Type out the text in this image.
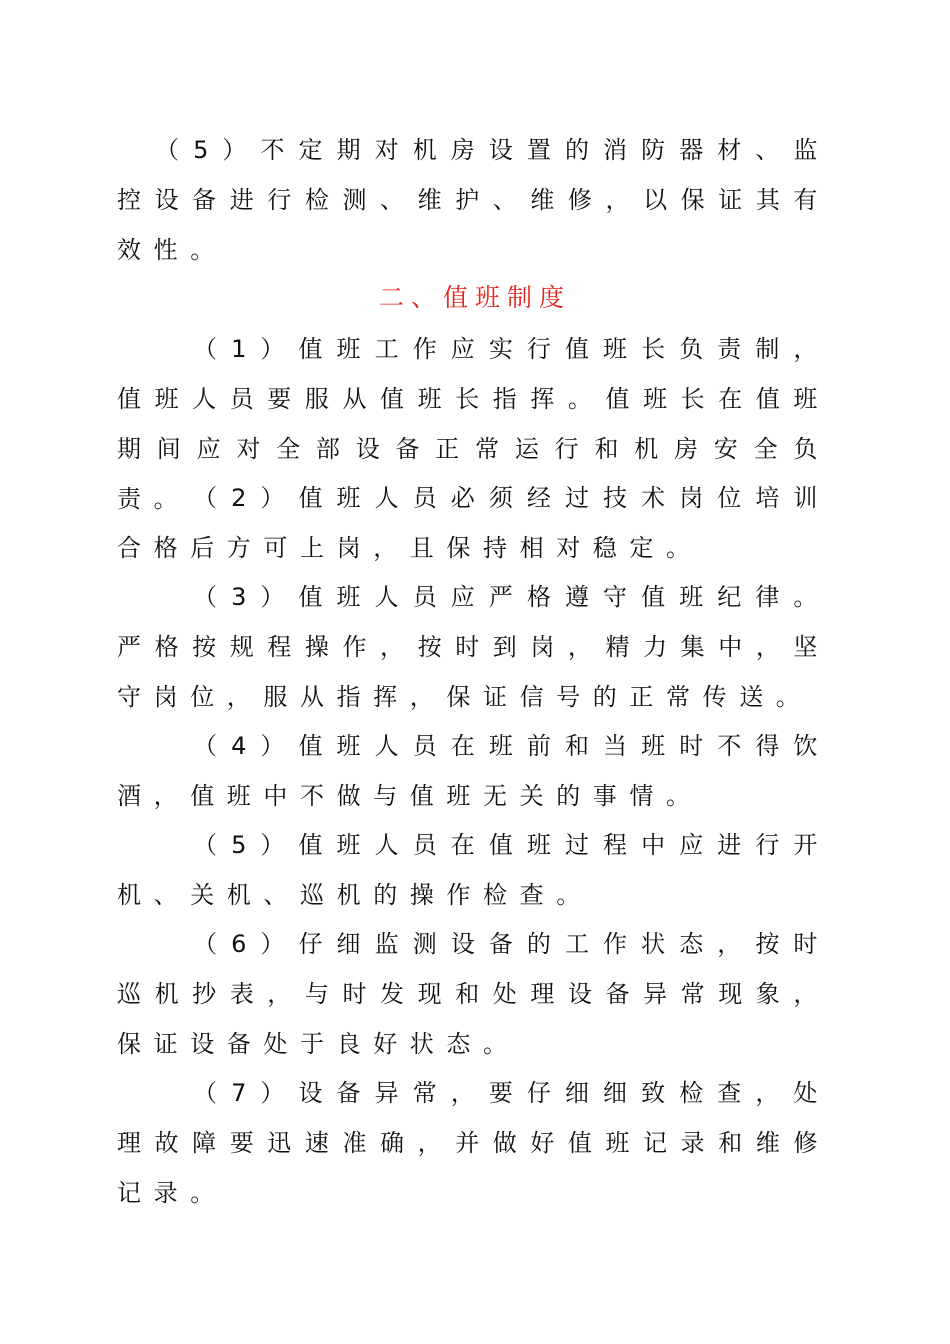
（5）不定期对机房设置的消防器材、监控设备进行检测、维护、维修，以保证其有效性。

二、值班制度

（1）值班工作应实行值班长负责制，值班人员要服从值班长指挥。值班长在值班期间应对全部设备正常运行和机房安全负责。 （2）值班人员必须经过技术岗位培训合格后方可上岗，且保持相对稳定。

（3）值班人员应严格遵守值班纪律。严格按规程操作，按时到岗，精力集中，坚守岗位，服从指挥，保证信号的正常传送。

（4）值班人员在班前和当班时不得饮酒，值班中不做与值班无关的事情。

（5）值班人员在值班过程中应进行开机、关机、巡机的操作检查。

（6）仔细监测设备的工作状态，按时巡机抄表，与时发现和处理设备异常现象，保证设备处于良好状态。

（7）设备异常，要仔细细致检查，处理故障要迅速准确，并做好值班记录和维修记录。
